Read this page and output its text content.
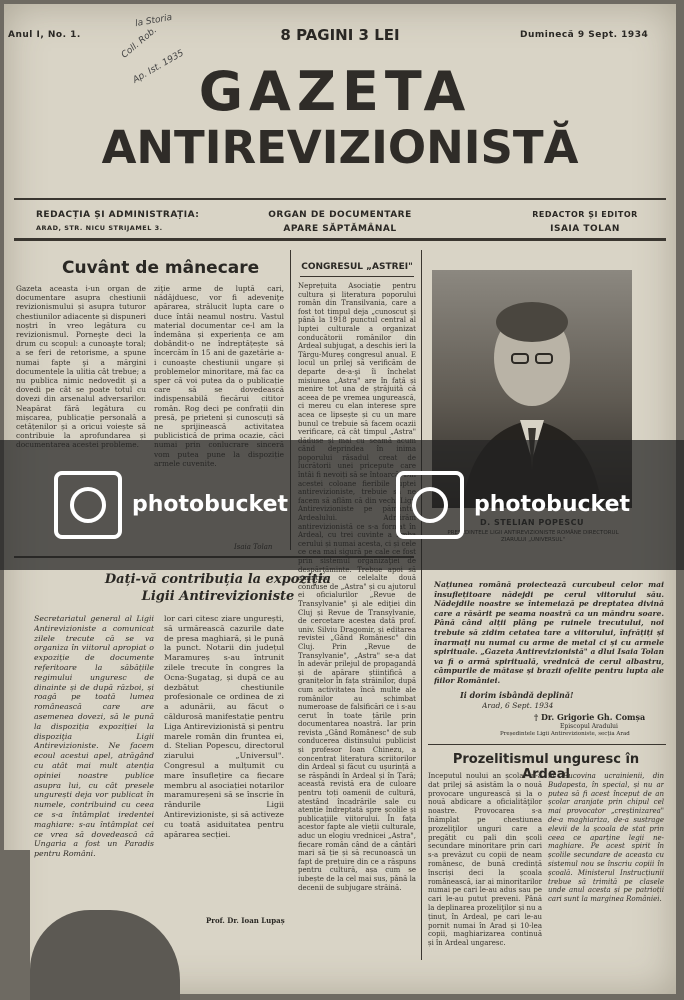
Anul I, No. 1.	8 PAGINI 3 LEI	Duminecă 9 Sept. 1934
la Storia
Coll. Rob.
Ap. Ist. 1935 GAZETA
ANTIREVIZIONISTĂ
REDACȚIA ȘI ADMINISTRAȚIA:
ARAD, STR. NICU STRIJAMEL 3.
ORGAN DE DOCUMENTARE
APARE SĂPTĂMÂNAL
REDACTOR ȘI EDITOR
ISAIA TOLAN
Cuvânt de mânecare
Gazeta aceasta i-un organ de documentare asupra chestiunii revizionismului și asupra tuturor chestiunilor adiacente și dispuneri noștri în vreo legătura cu revizionismul. Porneşte deci la drum cu scopul: a cunoaşte toral; a se feri de retorisme, a spune numai fapte şi a mărgini documentele la ulitia cât trebue; a nu publica nimic nedovedit şi a dovedi pe cât se poate totul cu dovezi din arsenalul adversarilor. Neapărat fără legătura cu mișcarea, publicație personală a cetățenilor și a oricui voiește să contribuie la aprofundarea și
ziţie arme de luptă cari, nădăjduesc, vor fi adeveniţe apărarea, strălucit lupta care o duce întâi neamul nostru. Vastul material documentar ce-l am la îndemâna și experiența ce am dobândit-o ne îndreptățește să încercăm în 15 ani de gazetărie a-i cunoaște chestiunii ungare și problemelor minoritare, mă fac ca sper că voi putea da o publicație care să se dovedească indispensabilă fiecărui cititor român. Rog deci pe confrații din presă, pe prieteni și cunoscuți să ne sprijinească activitatea publicistică de prima ocazie, căci
CONGRESUL „ASTREI"
Neprețuita Asociație pentru cultura și literatura poporului român din Transilvania, care a fost tot timpul deja „cunoscut şi până la 1918 punctul central al luptei culturale a organizat conducătorii românilor din Ardeal subjugat, a deschis ieri la Târgu-Mureş congresul anual. E locul un prilej să verificăm de departe de-a-şi îi închelat misiunea „Astra" are în față și menire tot una de ștrăjuită că aceea de pe vremea ungurească, ci mereu cu elan interese spre acea ce lipsește și cu un mare bunul ce trebuie să facem ocazii verificare, că cât timpul „Astra" amintim ce celelalte două conduse de „Astra" și cu ajutorul ei oficialurilor „Revue de Transylvanie" şi ale ediţiei din Cluj și Revue de Transylvanie, de cercetare acestea dată prof. univ. Silviu Dragomir, și editarea revistei „Gând Românesc" din Cluj. Prin „Revue de Transylvanie", „Astra" se-a dat în adevăr prilejul de propagandă și de apărare științifică a granițelor în fața străinilor, după cum activitatea încă multe ale românilor au schimbat numeroase de falsificări ce i s-au cerut în toate țările prin documentarea noastră. Iar prin revista „Gând Românesc" de sub conducerea distinsului publicist și profesor Ioan Chinezu, a concentrat literatura scriitorilor din Ardeal și făcut cu ușurință a se răspândi în Ardeal și în Țară; această revistă era de culoare pentru toți oamenii de cultură, atestând încadrările sale cu atenție îndreptată spre școlile și publicaţiile viitorului. În fața acestor fapte ale vieții culturale, aduc un elogiu vrednicei „Astra", fiecare român când de a cântări mari să ție și să recunoască un fapt de prețuire din ce a răspuns pentru cultură, așa cum se iubește de la cel mai sus, până la decenii de subjugare străină.
Națiunea română proiectează curcubeul celor mai însuflețitoare nădejdi pe cerul viitorului său. Nădejdile noastre se întemeiază pe dreptatea divină care a răsărit pe seama noastră ca un măndru soare. Până când alții plâng pe ruinele trecutului, noi trebuie să zidim cetatea tare a viitorului, înfrățiți și înarmați nu numai cu arme de metal ci și cu armele spirituale. „Gazeta Antirevizionistă" a dlui Isaia Tolan va fi o armă spirituală, vrednică de cerul albastru, câmpurile de mătase și brazii ofelite pentru lupta ale fiilor României.
Ii dorim isbândă deplină!
Arad, 6 Sept. 1934
† Dr. Grigorie Gh. Comșa
Episcopul Aradului
Președintele Ligii Antirevizioniste, secția Arad
Dați-vă contribuția la expoziția
Ligii Antirevizioniste
Secretariatul general al Ligii Antirevizioniste a comunicat zilele trecute că se va organiza în viitorul apropiat o expoziție de documente referitoare la săbățiile regimului unguresc de dinainte și de după război, și roagă pe toată lumea românească care are asemenea dovezi, să le pună la dispoziția expoziției la dispoziţia Ligii Antirevizioniste. Ne facem ecoul acestui apel, atrăgând cu atât mai mult atenția opiniei noastre publice asupra lui, cu cât presele ungurești deja vor publicat în numele, contribuind cu ceea ce s-a întâmplat iredentei maghiare: s-au întâmplat cei ce vrea să dovedească că Ungaria a fost un Paradis pentru Români.
lor cari citesc ziare ungurești, să urmărească cazurile date de presa maghiară, și le pună la punct. Notarii din județul Maramureș s-au întrunit zilele trecute în congres la Ocna-Șugatag, și după ce au dezbătut chestiunile profesionale ce ordinea de zi a adunării, au făcut o căldurosă manifestație pentru Liga Antirevizionistă și pentru marele român din fruntea ei, d. Stelian Popescu, directorul ziarului „Universul". Congresul a mulțumit cu mare însuflețire ca fiecare membru al asociației notarilor maramureșeni să se înscrie în rândurile Ligii Antirevizioniste, și să activeze cu toată asiduitatea pentru apărarea secției.
Prof. Dr. Ioan Lupaș
Prozelitismul unguresc în Ardeal
Începutul noului an școlar n-a dat prilej să asistăm la o nouă provocare ungurească și la o nouă abdicare a oficialităţilor noastre. Provocarea s-a înămplat pe chestiunea prozeliţilor unguri care a pregătit cu pali din școli secundare minoritare prin cari s-a prevăzut cu copii de neam românesc, de bună credință înscriși deci la școala românească, iar ai minoritarilor numai pe cari le-au adus sau pe cari le-au putut preveni. Până la deplinarea prozeliţilor și nu a ținut, în Ardeal, pe cari le-au pornit numai în Arad și 10-lea copii, maghiarizarea continuă și în Ardeal ungaresc.
în Bucovina ucrainienii, din Budapesta, în special, și nu ar putea să fi acest început de an școlar aranjate prin chipul cel mai provocator „creștinizarea" de-a maghiariza, de-a sustrage elevii de la școala de stat prin ceea ce aparține legii ne-maghiare. Pe acest spirit în școlile secundare de aceasta cu sistemul nou se înscriu copiii în școală. Ministerul Instrucțiunii trebue să trimită pe clasele unde anul acesta și pe patrioții cari sunt la marginea României.
photobucket	photobucket
